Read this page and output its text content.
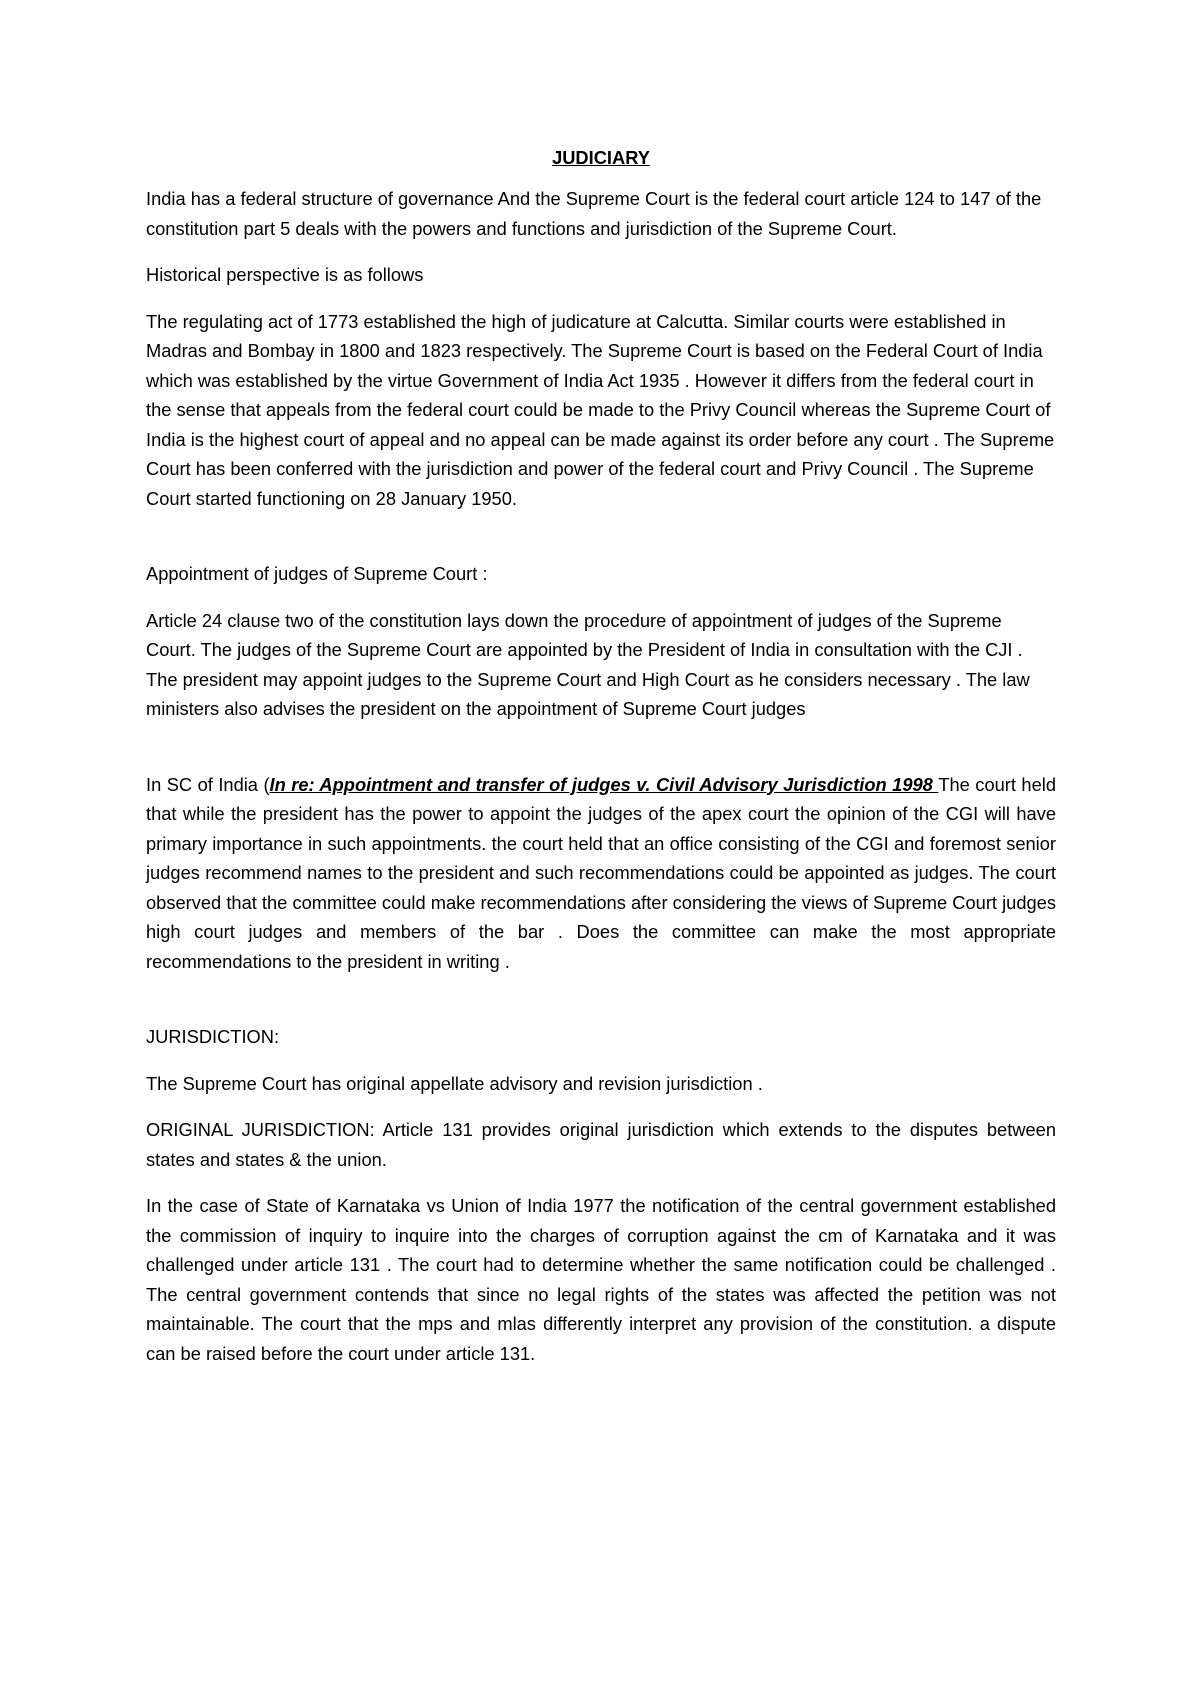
JUDICIARY

India has a federal structure of governance And the Supreme Court is the federal court article 124 to 147 of the constitution part 5 deals with the powers and functions and jurisdiction of the Supreme Court.

Historical perspective is as follows

The regulating act of 1773 established the high of judicature at Calcutta. Similar courts were established in Madras and Bombay in 1800 and 1823 respectively. The Supreme Court is based on the Federal Court of India which was established by the virtue Government of India Act 1935 . However it differs from the federal court in the sense that appeals from the federal court could be made to the Privy Council whereas the Supreme Court of India is the highest court of appeal and no appeal can be made against its order before any court . The Supreme Court has been conferred with the jurisdiction and power of the federal court and Privy Council . The Supreme Court started functioning on 28 January 1950.

Appointment of judges of Supreme Court :

Article 24 clause two of the constitution lays down the procedure of appointment of judges of the Supreme Court. The judges of the Supreme Court are appointed by the President of India in consultation with the CJI . The president may appoint judges to the Supreme Court and High Court as he considers necessary . The law ministers also advises the president on the appointment of Supreme Court judges

In SC of India (In re: Appointment and transfer of judges v. Civil Advisory Jurisdiction 1998 The court held that while the president has the power to appoint the judges of the apex court the opinion of the CGI will have primary importance in such appointments. the court held that an office consisting of the CGI and foremost senior judges recommend names to the president and such recommendations could be appointed as judges. The court observed that the committee could make recommendations after considering the views of Supreme Court judges high court judges and members of the bar . Does the committee can make the most appropriate recommendations to the president in writing .

JURISDICTION:

The Supreme Court has original appellate advisory and revision jurisdiction .

ORIGINAL JURISDICTION: Article 131 provides original jurisdiction which extends to the disputes between states and states & the union.

In the case of State of Karnataka vs Union of India 1977 the notification of the central government established the commission of inquiry to inquire into the charges of corruption against the cm of Karnataka and it was challenged under article 131 . The court had to determine whether the same notification could be challenged . The central government contends that since no legal rights of the states was affected the petition was not maintainable. The court that the mps and mlas differently interpret any provision of the constitution. a dispute can be raised before the court under article 131.
